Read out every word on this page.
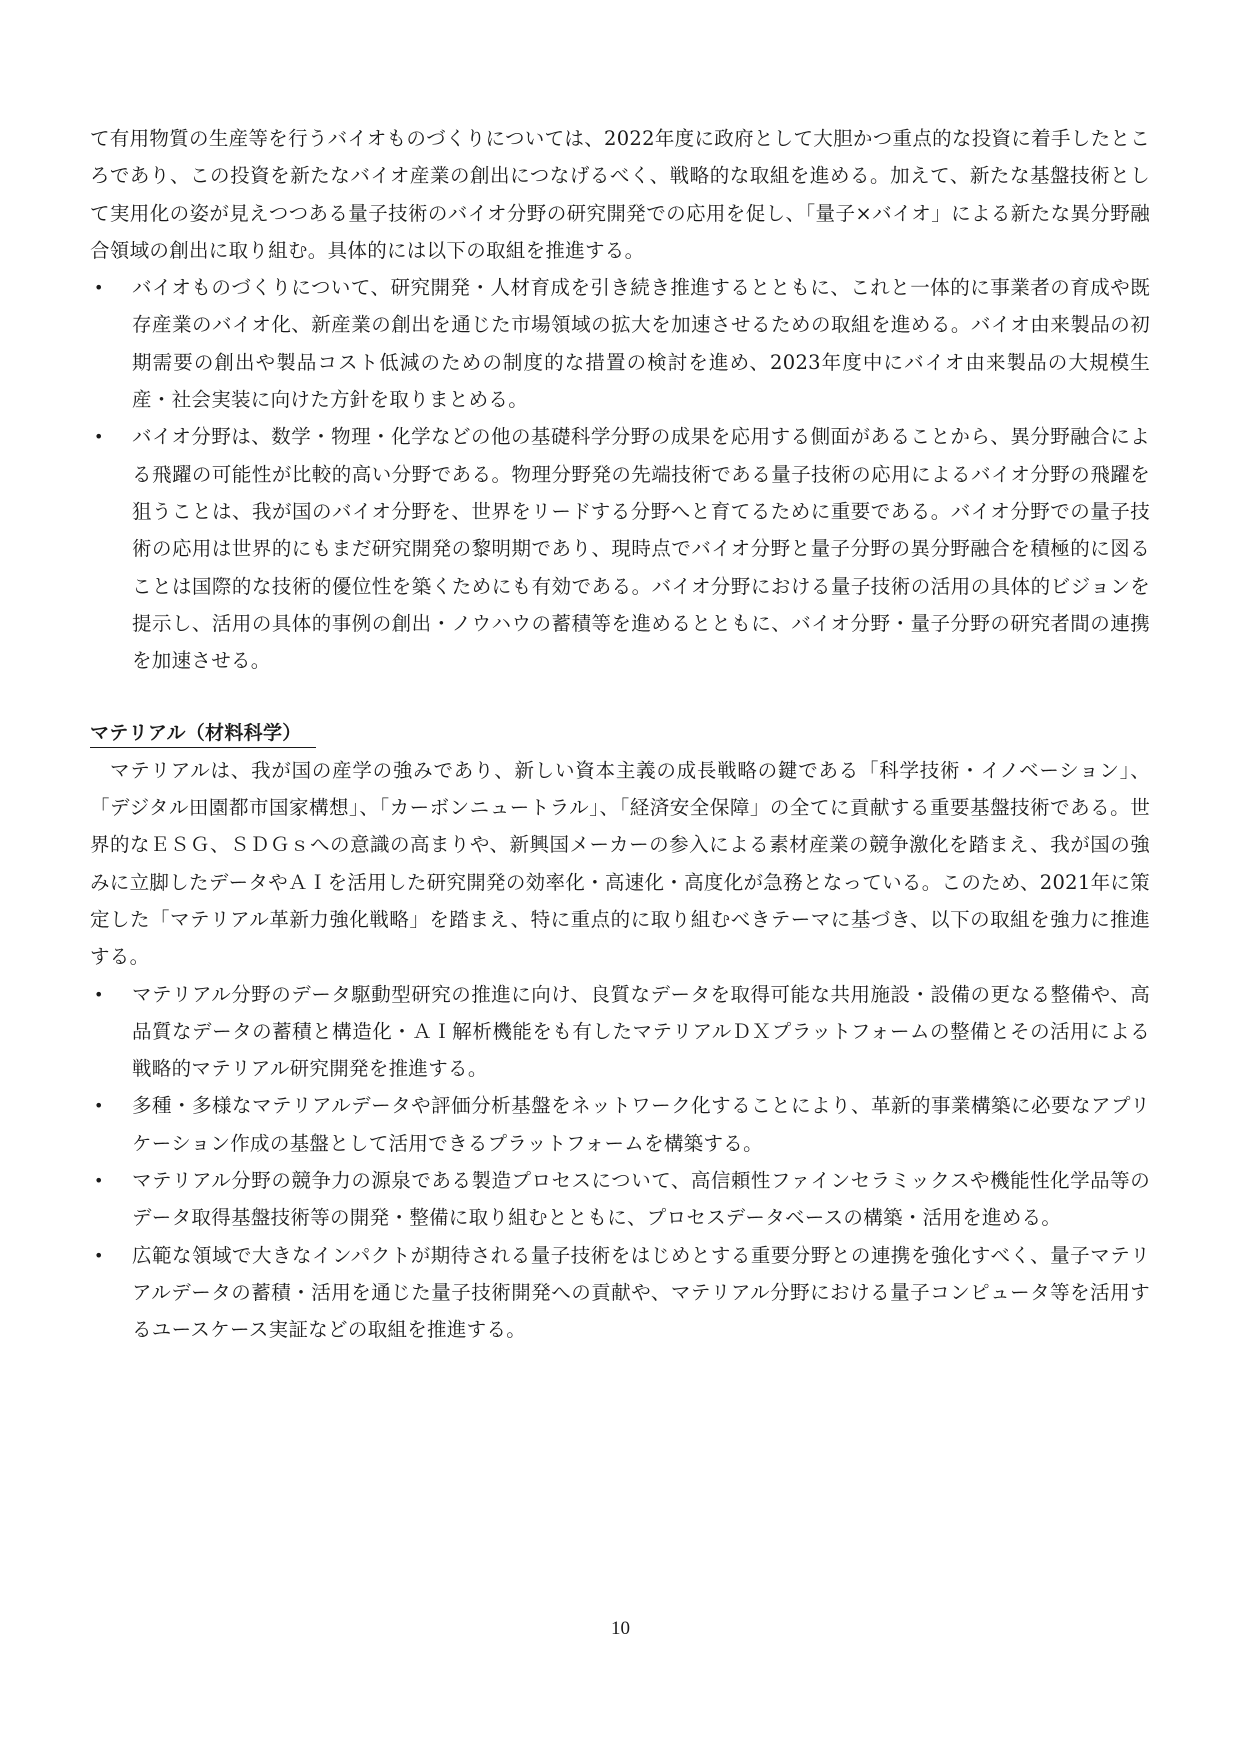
て有用物質の生産等を行うバイオものづくりについては、2022年度に政府として大胆かつ重点的な投資に着手したところであり、この投資を新たなバイオ産業の創出につなげるべく、戦略的な取組を進める。加えて、新たな基盤技術として実用化の姿が見えつつある量子技術のバイオ分野の研究開発での応用を促し、「量子×バイオ」による新たな異分野融合領域の創出に取り組む。具体的には以下の取組を推進する。

• バイオものづくりについて、研究開発・人材育成を引き続き推進するとともに、これと一体的に事業者の育成や既存産業のバイオ化、新産業の創出を通じた市場領域の拡大を加速させるための取組を進める。バイオ由来製品の初期需要の創出や製品コスト低減のための制度的な措置の検討を進め、2023年度中にバイオ由来製品の大規模生産・社会実装に向けた方針を取りまとめる。
• バイオ分野は、数学・物理・化学などの他の基礎科学分野の成果を応用する側面があることから、異分野融合による飛躍の可能性が比較的高い分野である。物理分野発の先端技術である量子技術の応用によるバイオ分野の飛躍を狙うことは、我が国のバイオ分野を、世界をリードする分野へと育てるために重要である。バイオ分野での量子技術の応用は世界的にもまだ研究開発の黎明期であり、現時点でバイオ分野と量子分野の異分野融合を積極的に図ることは国際的な技術的優位性を築くためにも有効である。バイオ分野における量子技術の活用の具体的ビジョンを提示し、活用の具体的事例の創出・ノウハウの蓄積等を進めるとともに、バイオ分野・量子分野の研究者間の連携を加速させる。
マテリアル（材料科学）

マテリアルは、我が国の産学の強みであり、新しい資本主義の成長戦略の鍵である「科学技術・イノベーション」、「デジタル田園都市国家構想」、「カーボンニュートラル」、「経済安全保障」の全てに貢献する重要基盤技術である。世界的なＥＳＧ、ＳＤＧｓへの意識の高まりや、新興国メーカーの参入による素材産業の競争激化を踏まえ、我が国の強みに立脚したデータやＡＩを活用した研究開発の効率化・高速化・高度化が急務となっている。このため、2021年に策定した「マテリアル革新力強化戦略」を踏まえ、特に重点的に取り組むべきテーマに基づき、以下の取組を強力に推進する。

• マテリアル分野のデータ駆動型研究の推進に向け、良質なデータを取得可能な共用施設・設備の更なる整備や、高品質なデータの蓄積と構造化・ＡＩ解析機能をも有したマテリアルＤＸプラットフォームの整備とその活用による戦略的マテリアル研究開発を推進する。
• 多種・多様なマテリアルデータや評価分析基盤をネットワーク化することにより、革新的事業構築に必要なアプリケーション作成の基盤として活用できるプラットフォームを構築する。
• マテリアル分野の競争力の源泉である製造プロセスについて、高信頼性ファインセラミックスや機能性化学品等のデータ取得基盤技術等の開発・整備に取り組むとともに、プロセスデータベースの構築・活用を進める。
• 広範な領域で大きなインパクトが期待される量子技術をはじめとする重要分野との連携を強化すべく、量子マテリアルデータの蓄積・活用を通じた量子技術開発への貢献や、マテリアル分野における量子コンピュータ等を活用するユースケース実証などの取組を推進する。
10
